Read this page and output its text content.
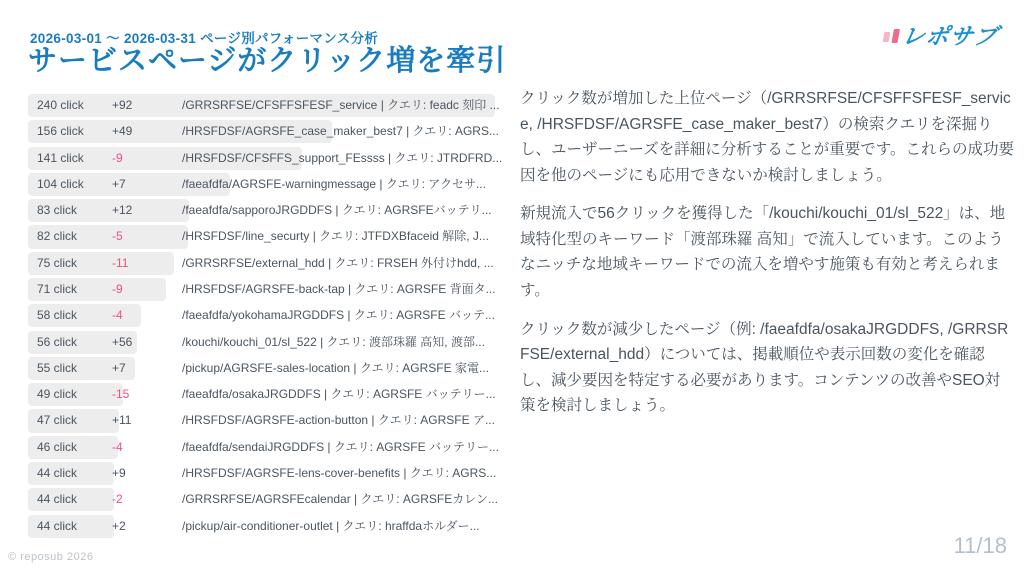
2026-03-01 〜 2026-03-31 ページ別パフォーマンス分析
サービスページがクリック増を牽引
レポサブ
240 click +92	/GRRSRFSE/CFSFFSFESF_service | クエリ: feadc 刻印 ...
156 click +49	/HRSFDSF/AGRSFE_case_maker_best7 | クエリ: AGRS...
141 click -9	/HRSFDSF/CFSFFS_support_FEssss | クエリ: JTRDFRD...
104 click +7	/faeafdfa/AGRSFE-warningmessage | クエリ: アクセサ...
83 click	+12	/faeafdfa/sapporoJRGDDFS | クエリ: AGRSFEバッテリ...
82 click	-5	/HRSFDSF/line_securty | クエリ: JTFDXBfaceid 解除, J...
75 click	-11	/GRRSRFSE/external_hdd | クエリ: FRSEH 外付けhdd, ...
71 click	-9	/HRSFDSF/AGRSFE-back-tap | クエリ: AGRSFE 背面タ...
58 click	-4	/faeafdfa/yokohamaJRGDDFS | クエリ: AGRSFE バッテ...
56 click	+56	/kouchi/kouchi_01/sl_522 | クエリ: 渡部珠羅 高知, 渡部...
55 click	+7	/pickup/AGRSFE-sales-location | クエリ: AGRSFE 家電...
49 click	-15	/faeafdfa/osakaJRGDDFS | クエリ: AGRSFE バッテリー...
47 click	+11	/HRSFDSF/AGRSFE-action-button | クエリ: AGRSFE ア...
46 click	-4	/faeafdfa/sendaiJRGDDFS | クエリ: AGRSFE バッテリー...
44 click	+9	/HRSFDSF/AGRSFE-lens-cover-benefits | クエリ: AGRS...
44 click	-2	/GRRSRFSE/AGRSFEcalendar | クエリ: AGRSFEカレン...
44 click	+2	/pickup/air-conditioner-outlet | クエリ: hraffdaホルダー...

クリック数が増加した上位ページ（/GRRSRFSE/CFSFFSFESF_service, /HRSFDSF/AGRSFE_case_maker_best7）の検索クエリを深掘りし、ユーザーニーズを詳細に分析することが重要です。これらの成功要因を他のページにも応用できないか検討しましょう。

新規流入で56クリックを獲得した「/kouchi/kouchi_01/sl_522」は、地域特化型のキーワード「渡部珠羅 高知」で流入しています。このようなニッチな地域キーワードでの流入を増やす施策も有効と考えられます。

クリック数が減少したページ（例: /faeafdfa/osakaJRGDDFS, /GRRSRFSE/external_hdd）については、掲載順位や表示回数の変化を確認し、減少要因を特定する必要があります。コンテンツの改善やSEO対策を検討しましょう。

© reposub 2026	11/18
